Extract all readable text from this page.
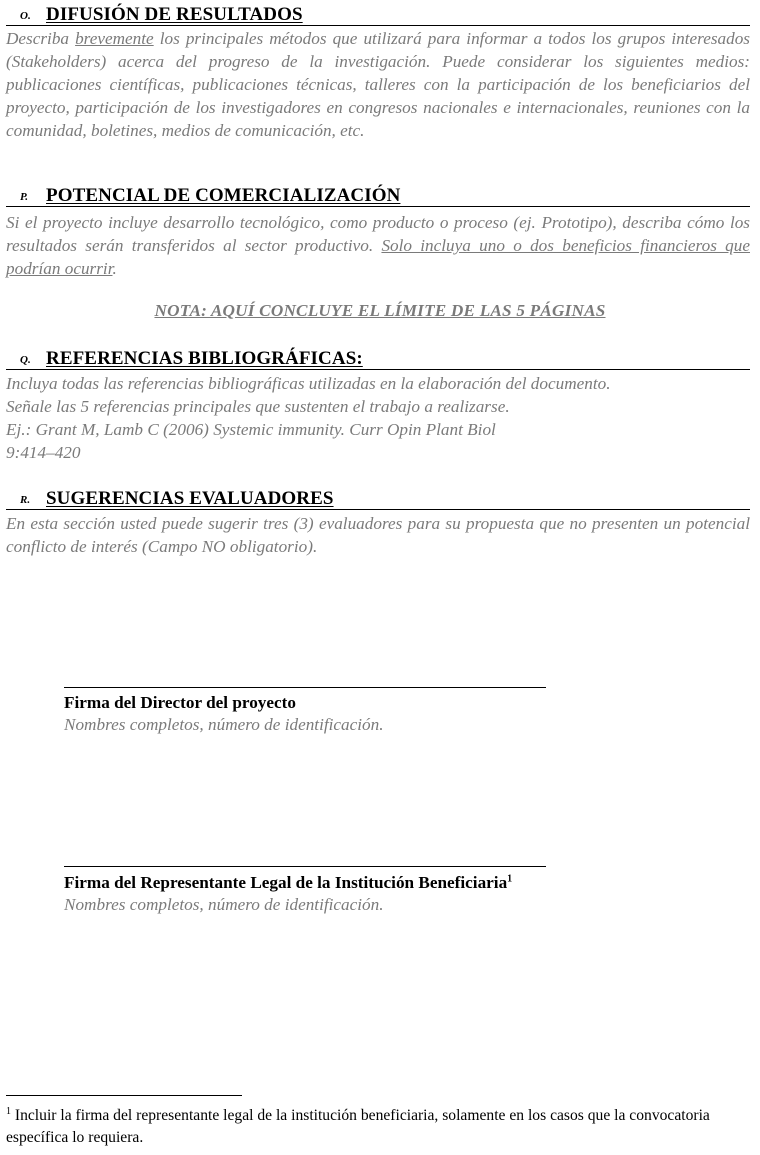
O. DIFUSIÓN DE RESULTADOS
Describa brevemente los principales métodos que utilizará para informar a todos los grupos interesados (Stakeholders) acerca del progreso de la investigación. Puede considerar los siguientes medios: publicaciones científicas, publicaciones técnicas, talleres con la participación de los beneficiarios del proyecto, participación de los investigadores en congresos nacionales e internacionales, reuniones con la comunidad, boletines, medios de comunicación, etc.
P. POTENCIAL DE COMERCIALIZACIÓN
Si el proyecto incluye desarrollo tecnológico, como producto o proceso (ej. Prototipo), describa cómo los resultados serán transferidos al sector productivo. Solo incluya uno o dos beneficios financieros que podrían ocurrir.
NOTA: AQUÍ CONCLUYE EL LÍMITE DE LAS 5 PÁGINAS
Q. REFERENCIAS BIBLIOGRÁFICAS:
Incluya todas las referencias bibliográficas utilizadas en la elaboración del documento.
Señale las 5 referencias principales que sustenten el trabajo a realizarse.
Ej.: Grant M, Lamb C (2006) Systemic immunity. Curr Opin Plant Biol
9:414–420
R. SUGERENCIAS EVALUADORES
En esta sección usted puede sugerir tres (3) evaluadores para su propuesta que no presenten un potencial conflicto de interés (Campo NO obligatorio).
Firma del Director del proyecto
Nombres completos, número de identificación.
Firma del Representante Legal de la Institución Beneficiaria$^1$
Nombres completos, número de identificación.
$^1$ Incluir la firma del representante legal de la institución beneficiaria, solamente en los casos que la convocatoria específica lo requiera.
